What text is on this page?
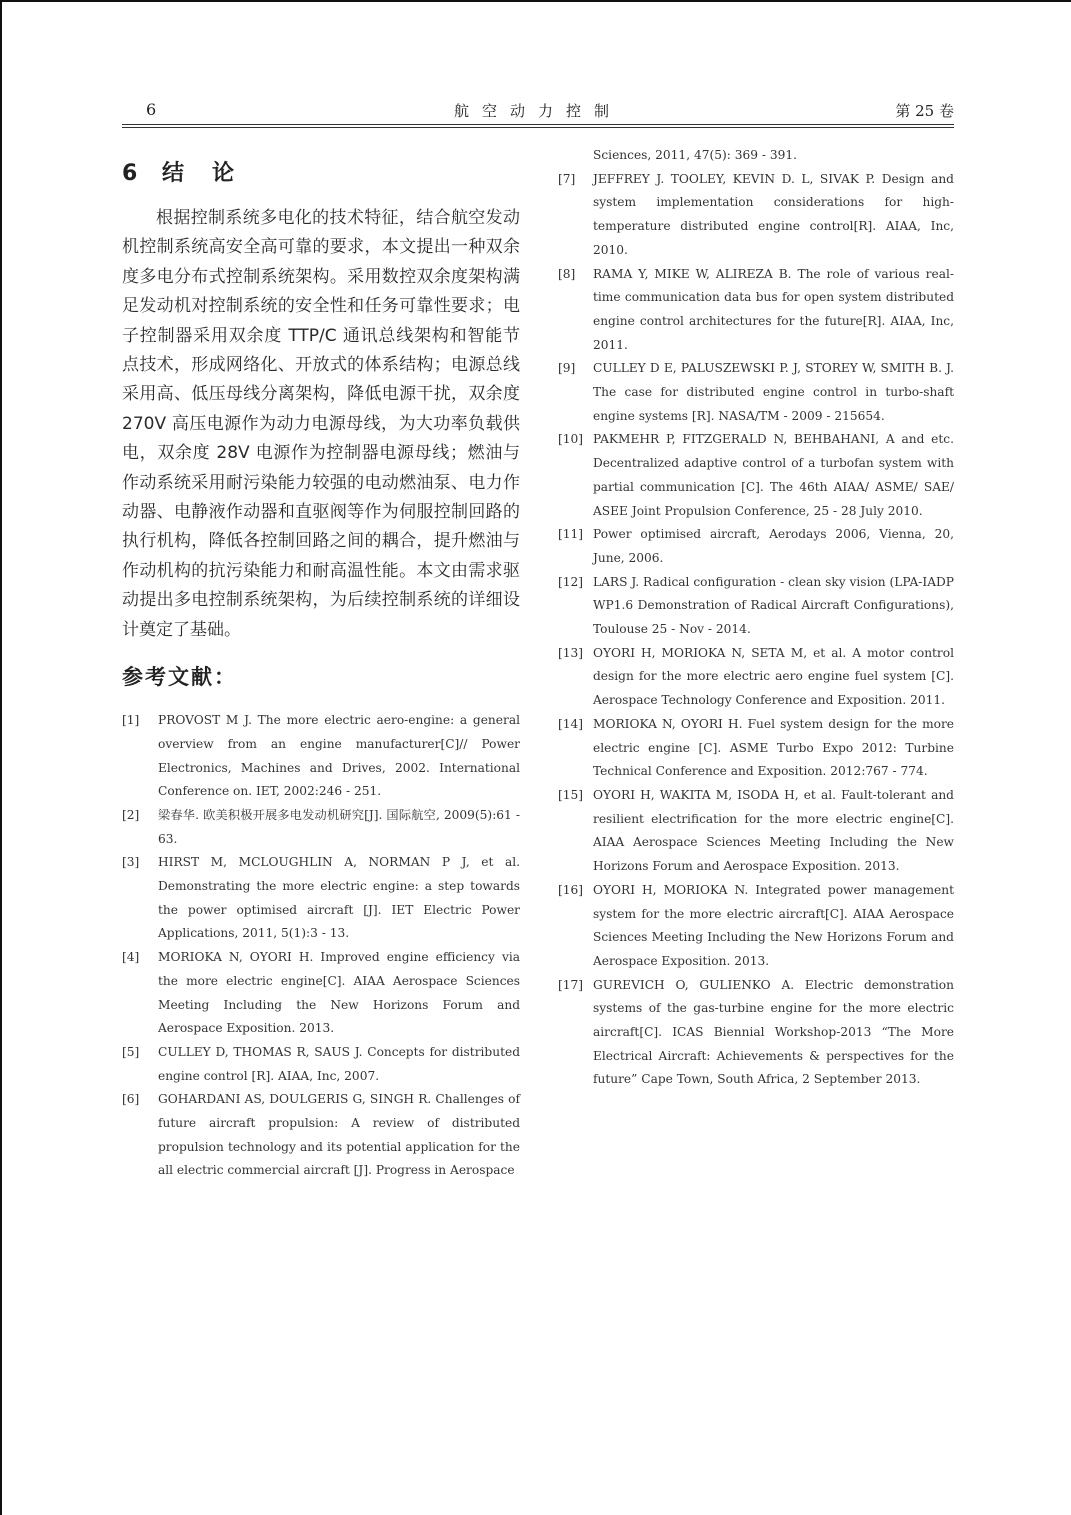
6	航空动力控制	第 25 卷
6 结论

根据控制系统多电化的技术特征，结合航空发动机控制系统高安全高可靠的要求，本文提出一种双余度多电分布式控制系统架构。采用数控双余度架构满足发动机对控制系统的安全性和任务可靠性要求；电子控制器采用双余度 TTP/C 通讯总线架构和智能节点技术，形成网络化、开放式的体系结构；电源总线采用高、低压母线分离架构，降低电源干扰，双余度 270V 高压电源作为动力电源母线，为大功率负载供电，双余度 28V 电源作为控制器电源母线；燃油与作动系统采用耐污染能力较强的电动燃油泵、电力作动器、电静液作动器和直驱阀等作为伺服控制回路的执行机构，降低各控制回路之间的耦合，提升燃油与作动机构的抗污染能力和耐高温性能。本文由需求驱动提出多电控制系统架构，为后续控制系统的详细设计奠定了基础。

参考文献：
[1]	PROVOST M J. The more electric aero-engine: a general overview from an engine manufacturer[C]// Power Electronics, Machines and Drives, 2002. International Conference on. IET, 2002:246 - 251.
[2]	梁春华. 欧美积极开展多电发动机研究[J]. 国际航空, 2009(5):61 - 63.
[3]	HIRST M, MCLOUGHLIN A, NORMAN P J, et al. Demonstrating the more electric engine: a step towards the power optimised aircraft [J]. IET Electric Power Applications, 2011, 5(1):3 - 13.
[4]	MORIOKA N, OYORI H. Improved engine efficiency via the more electric engine[C]. AIAA Aerospace Sciences Meeting Including the New Horizons Forum and Aerospace Exposition. 2013.
[5]	CULLEY D, THOMAS R, SAUS J. Concepts for distributed engine control [R]. AIAA, Inc, 2007.
[6]	GOHARDANI AS, DOULGERIS G, SINGH R. Challenges of future aircraft propulsion: A review of distributed propulsion technology and its potential application for the all electric commercial aircraft [J]. Progress in Aerospace
Sciences, 2011, 47(5): 369 - 391.
[7]	JEFFREY J. TOOLEY, KEVIN D. L, SIVAK P. Design and system implementation considerations for high-temperature distributed engine control[R]. AIAA, Inc, 2010.
[8]	RAMA Y, MIKE W, ALIREZA B. The role of various real-time communication data bus for open system distributed engine control architectures for the future[R]. AIAA, Inc, 2011.
[9]	CULLEY D E, PALUSZEWSKI P. J, STOREY W, SMITH B. J. The case for distributed engine control in turbo-shaft engine systems [R]. NASA/TM - 2009 - 215654.
[10] PAKMEHR P, FITZGERALD N, BEHBAHANI, A and etc. Decentralized adaptive control of a turbofan system with partial communication [C]. The 46th AIAA/ ASME/ SAE/ ASEE Joint Propulsion Conference, 25 - 28 July 2010.
[11] Power optimised aircraft, Aerodays 2006, Vienna, 20, June, 2006.
[12] LARS J. Radical configuration - clean sky vision (LPA-IADP WP1.6 Demonstration of Radical Aircraft Configurations), Toulouse 25 - Nov - 2014.
[13] OYORI H, MORIOKA N, SETA M, et al. A motor control design for the more electric aero engine fuel system [C]. Aerospace Technology Conference and Exposition. 2011.
[14] MORIOKA N, OYORI H. Fuel system design for the more electric engine [C]. ASME Turbo Expo 2012: Turbine Technical Conference and Exposition. 2012:767 - 774.
[15] OYORI H, WAKITA M, ISODA H, et al. Fault-tolerant and resilient electrification for the more electric engine[C]. AIAA Aerospace Sciences Meeting Including the New Horizons Forum and Aerospace Exposition. 2013.
[16] OYORI H, MORIOKA N. Integrated power management system for the more electric aircraft[C]. AIAA Aerospace Sciences Meeting Including the New Horizons Forum and Aerospace Exposition. 2013.
[17] GUREVICH O, GULIENKO A. Electric demonstration systems of the gas-turbine engine for the more electric aircraft[C]. ICAS Biennial Workshop-2013 “The More Electrical Aircraft: Achievements & perspectives for the future” Cape Town, South Africa, 2 September 2013.
